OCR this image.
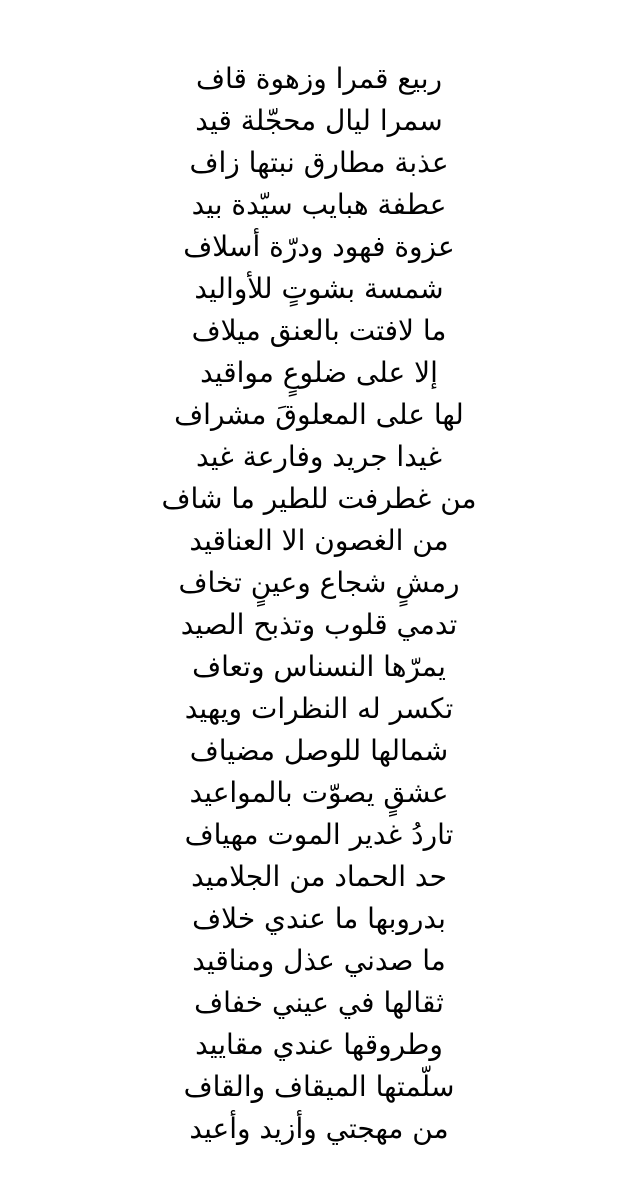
ربيع قمرا وزهوة قاف

سمرا ليال محجّلة قيد

عذبة مطارق نبتها زاف

عطفة هبايب سيّدة بيد

عزوة فهود ودرّة أسلاف

شمسة بشوتٍ للأواليد

ما لافتت بالعنق ميلاف

إلا على ضلوعٍ مواقيد

لها على المعلوقَ مشراف

غيدا جريد وفارعة غيد

من غطرفت للطير ما شاف

من الغصون الا العناقيد

رمشٍ شجاع وعينٍ تخاف

تدمي قلوب وتذبح الصيد

يمرّها النسناس وتعاف

تكسر له النظرات ويهيد

شمالها للوصل مضياف

عشقٍ يصوّت بالمواعيد

تاردُ غدير الموت مهياف

حد الحماد من الجلاميد

بدروبها ما عندي خلاف

ما صدني عذل ومناقيد

ثقالها في عيني خفاف

وطروقها عندي مقاييد

سلّمتها الميقاف والقاف

من مهجتي وأزيد وأعيد
